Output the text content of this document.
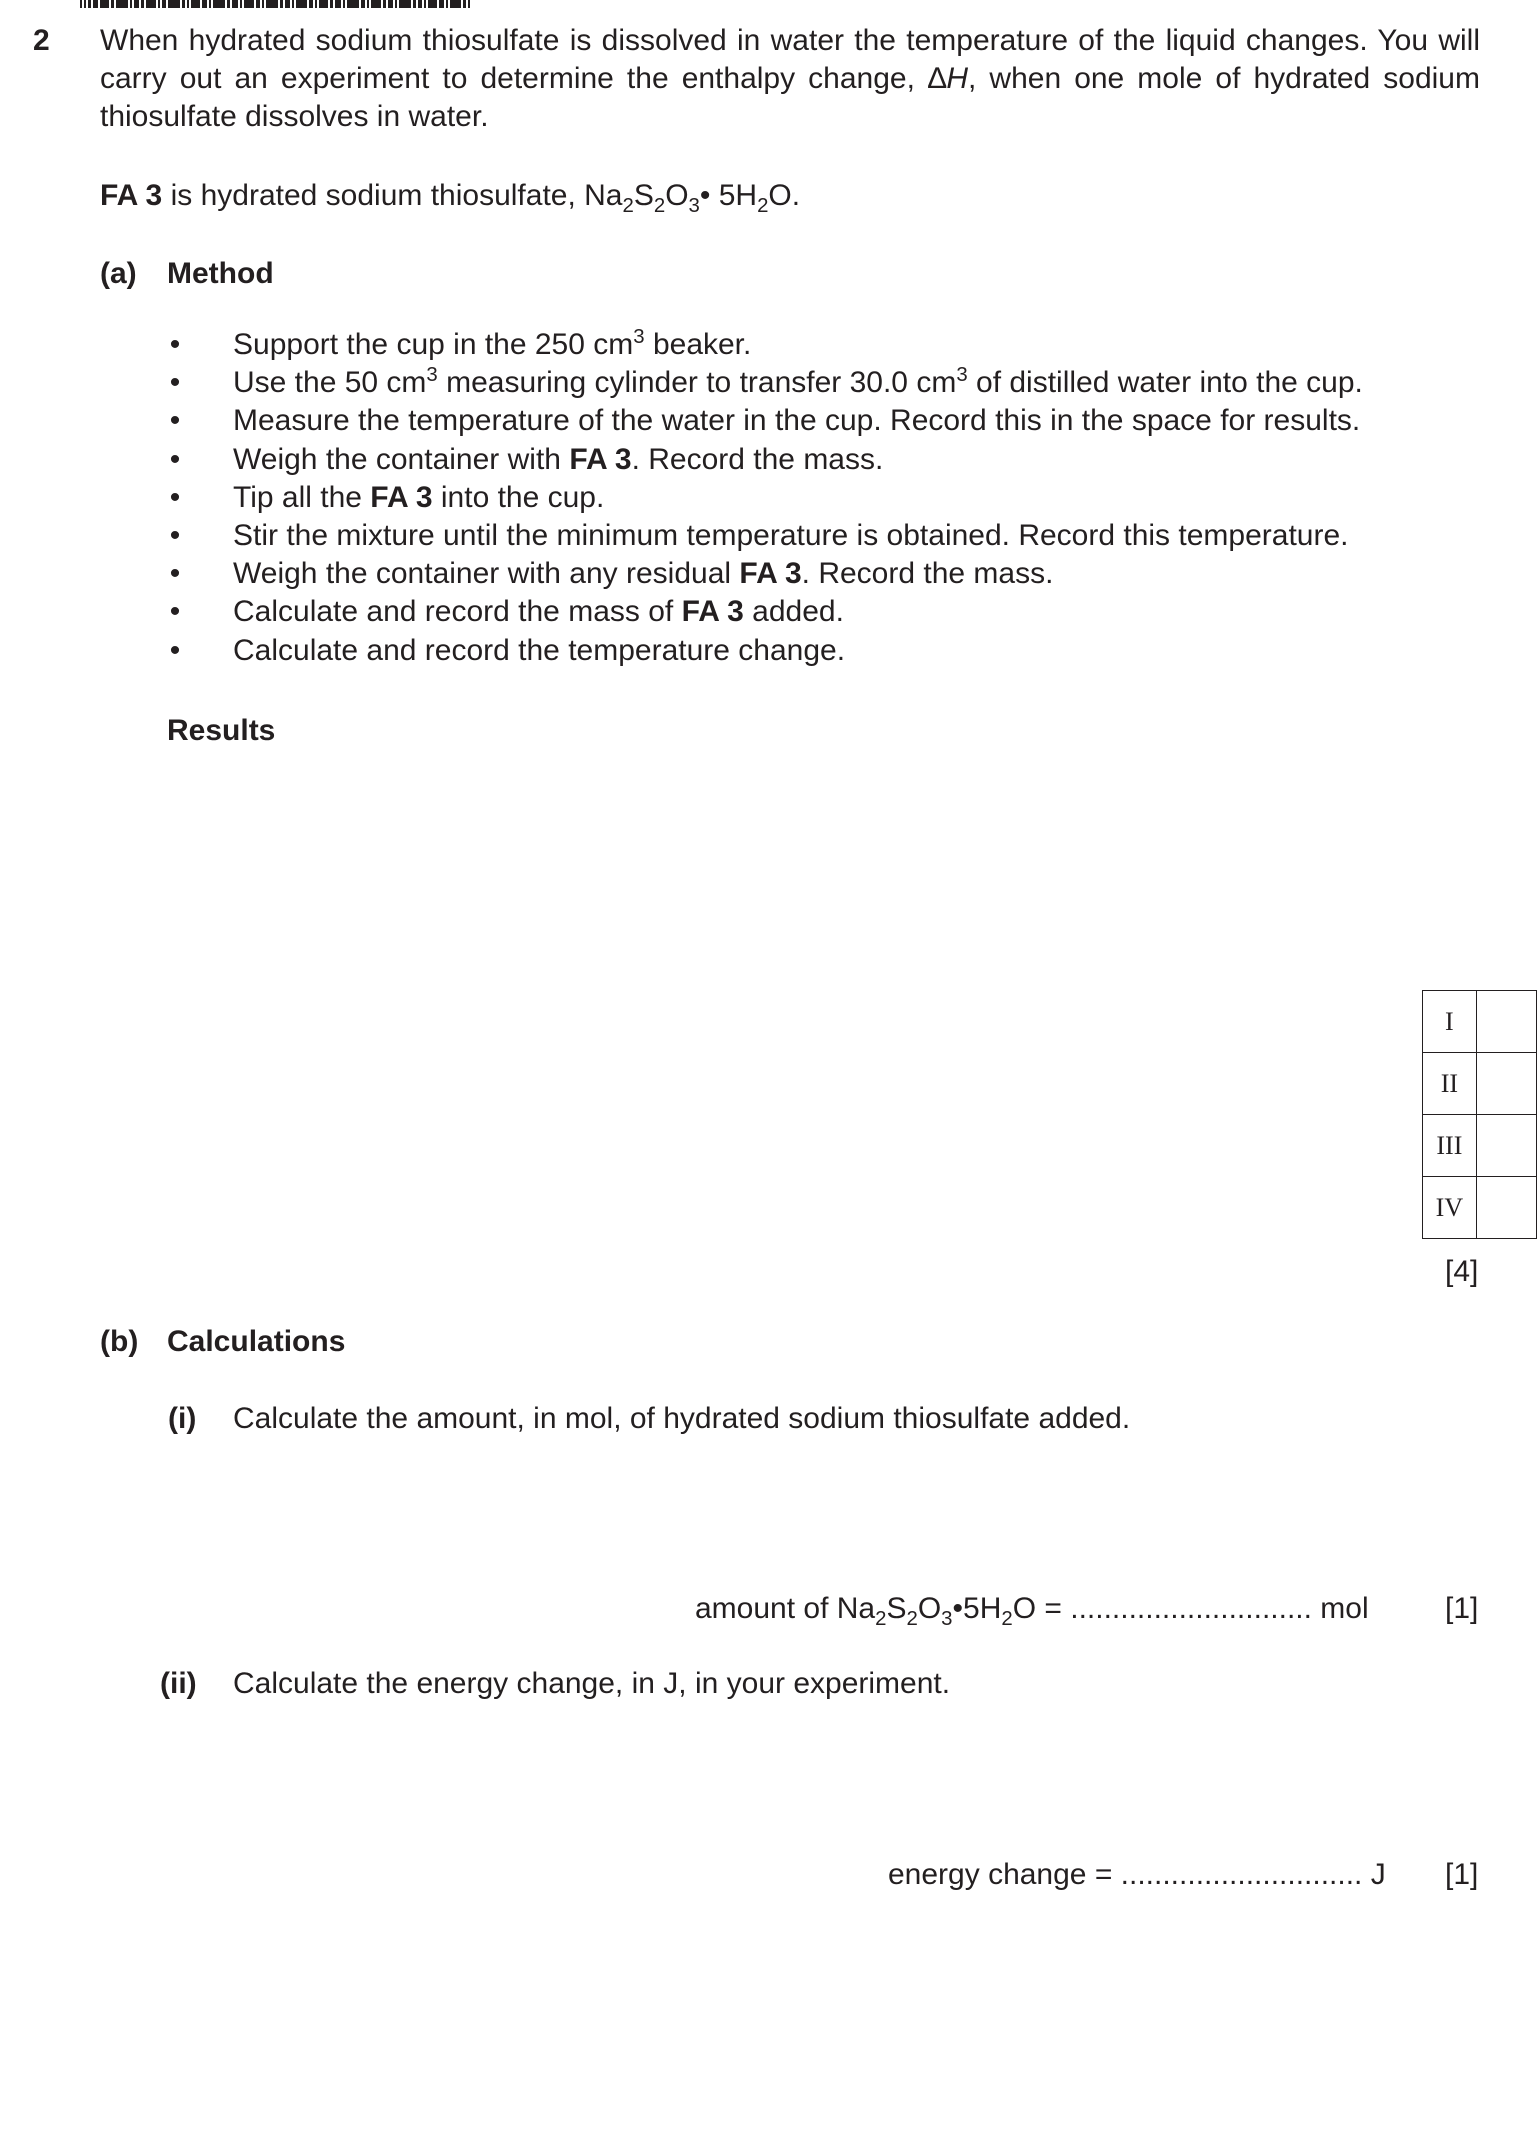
2 When hydrated sodium thiosulfate is dissolved in water the temperature of the liquid changes. You will carry out an experiment to determine the enthalpy change, ∆H, when one mole of hydrated sodium thiosulfate dissolves in water.
FA 3 is hydrated sodium thiosulfate, $Na_2S_2O_3•$ $5H_2O$.
(a) Method
•	Support the cup in the 250 $cm^3$ beaker.
•	Use the 50 $cm^3$ measuring cylinder to transfer 30.0 $cm^3$ of distilled water into the cup.
•	Measure the temperature of the water in the cup. Record this in the space for results.
•	Weigh the container with FA 3. Record the mass.
•	Tip all the FA 3 into the cup.
•	Stir the mixture until the minimum temperature is obtained. Record this temperature.
•	Weigh the container with any residual FA 3. Record the mass.
•	Calculate and record the mass of FA 3 added.
•	Calculate and record the temperature change.
Results
I	
II	
III	
IV	
[4]
(b) Calculations
(i) Calculate the amount, in mol, of hydrated sodium thiosulfate added.
amount of $Na_2S_2O_3•5H_2O$ = ............................. mol	[1]
(ii) Calculate the energy change, in J, in your experiment.
energy change = ............................. J [1]
